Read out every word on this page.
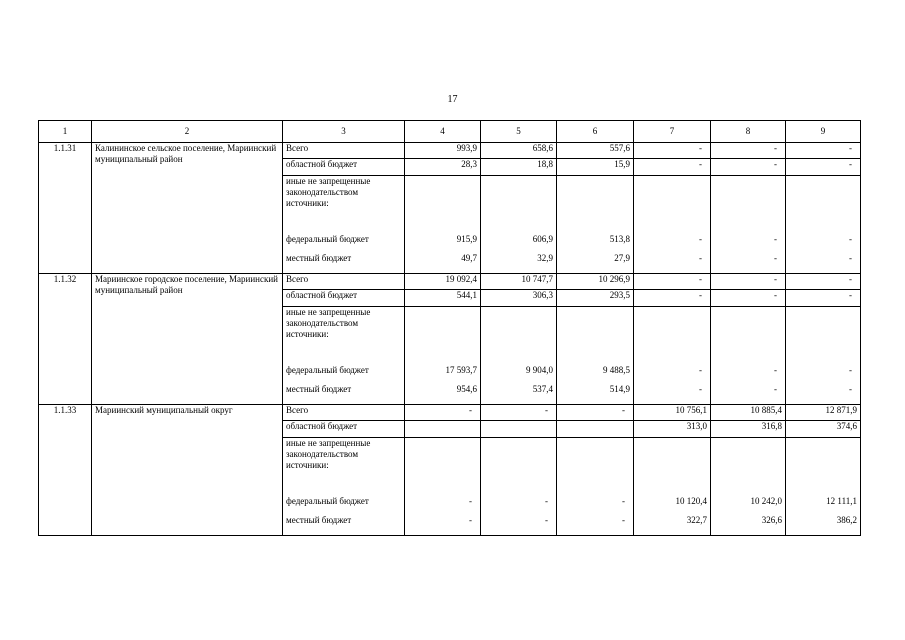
17
1	2	3	4	5	6	7	8	9
1.1.31	Калининское сельское поселение, Мариинский муниципальный район	Всего	993,9	658,6	557,6	-	-	-
		областной бюджет	28,3	18,8	15,9	-	-	-
		иные не запрещенные законодательством источники:						
		федеральный бюджет	915,9	606,9	513,8	-	-	-
		местный бюджет	49,7	32,9	27,9	-	-	-

1.1.32	Мариинское городское поселение, Мариинский муниципальный район	Всего	19 092,4	10 747,7	10 296,9	-	-	-
		областной бюджет	544,1	306,3	293,5	-	-	-
		иные не запрещенные законодательством источники:						
		федеральный бюджет	17 593,7	9 904,0	9 488,5	-	-	-
		местный бюджет	954,6	537,4	514,9	-	-	-

1.1.33	Мариинский муниципальный округ	Всего	-	-	-	10 756,1	10 885,4	12 871,9
		областной бюджет				313,0	316,8	374,6
		иные не запрещенные законодательством источники:						
		федеральный бюджет	-	-	-	10 120,4	10 242,0	12 111,1
		местный бюджет	-	-	-	322,7	326,6	386,2
